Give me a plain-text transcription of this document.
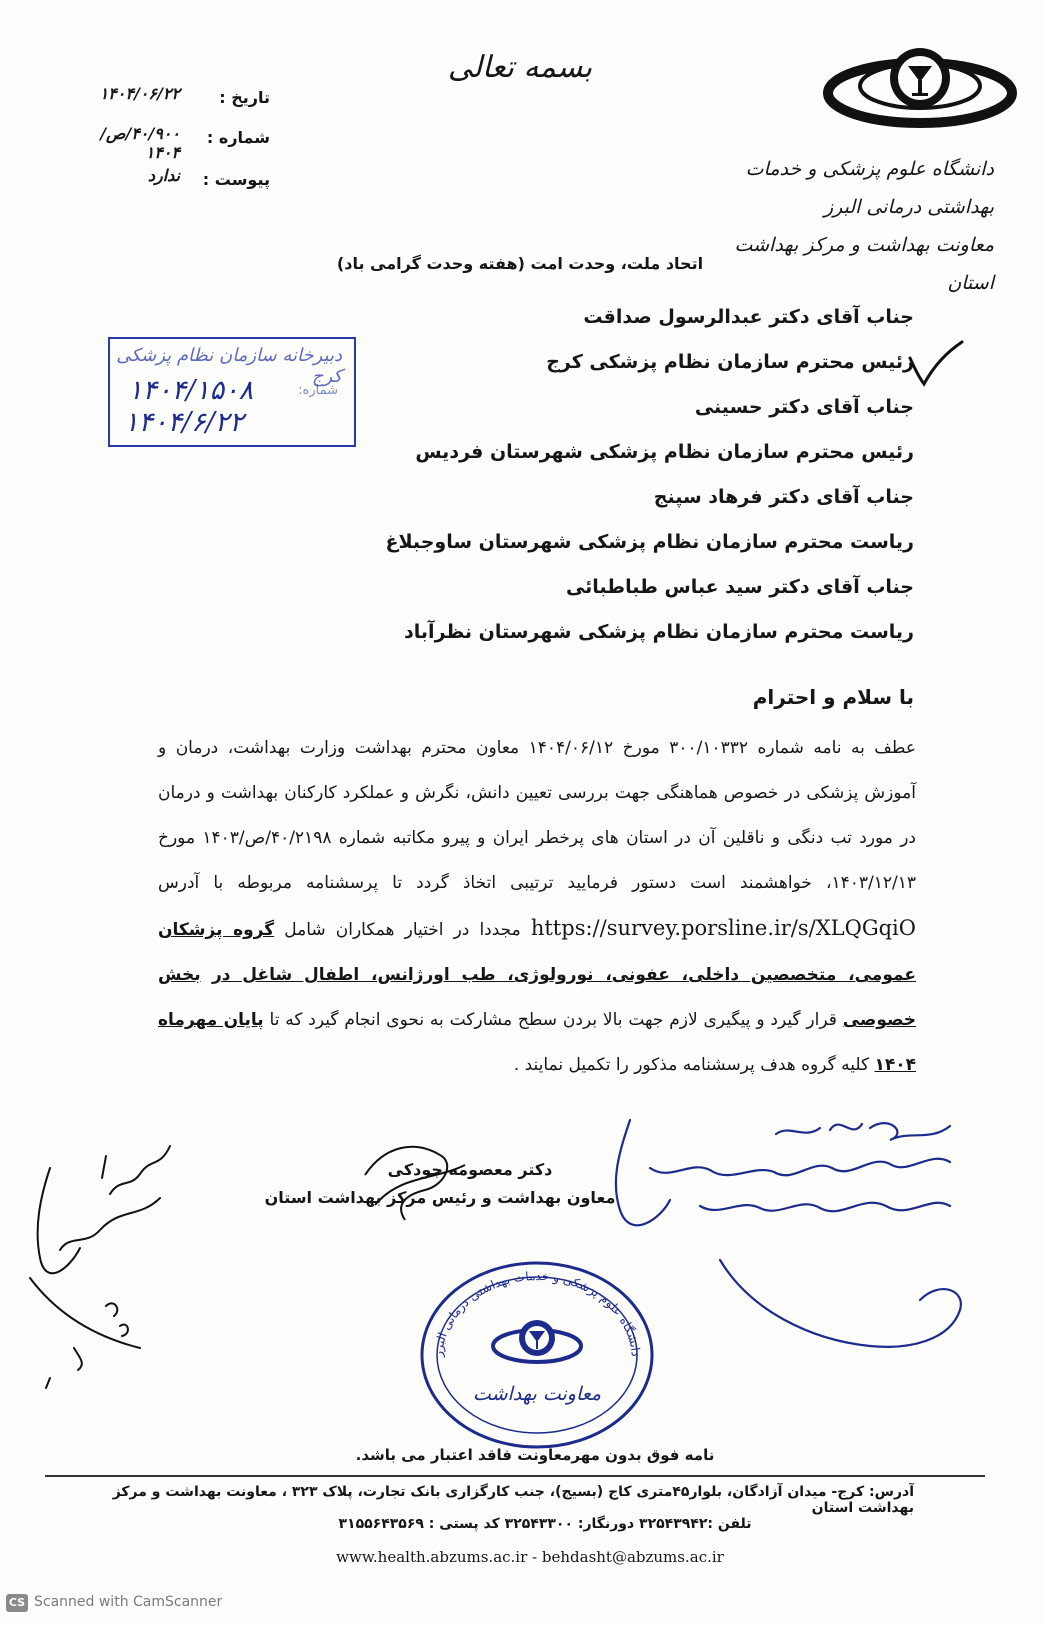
بسمه تعالی
دانشگاه علوم پزشکی و خدمات بهداشتی درمانی البرز
معاونت بهداشت و مرکز بهداشت استان
تاریخ :
۱۴۰۴/۰۶/۲۲
شماره :
۴۰/۹۰۰/ص/۱۴۰۴
پیوست :
ندارد
اتحاد ملت، وحدت امت (هفته وحدت گرامی باد)
دبیرخانه سازمان نظام پزشکی کرج
شماره:
۱۴۰۴/۱۵۰۸
۱۴۰۴/۶/۲۲
جناب آقای دکتر عبدالرسول صداقت
رئیس محترم سازمان نظام پزشکی کرج
جناب آقای دکتر حسینی
رئیس محترم سازمان نظام پزشکی شهرستان فردیس
جناب آقای دکتر فرهاد سپنج
ریاست محترم سازمان نظام پزشکی شهرستان ساوجبلاغ
جناب آقای دکتر سید عباس طباطبائی
ریاست محترم سازمان نظام پزشکی شهرستان نظرآباد
با سلام و احترام
عطف به نامه شماره ۳۰۰/۱۰۳۳۲ مورخ ۱۴۰۴/۰۶/۱۲ معاون محترم بهداشت وزارت بهداشت، درمان و آموزش پزشکی در خصوص هماهنگی جهت بررسی تعیین دانش، نگرش و عملکرد کارکنان بهداشت و درمان در مورد تب دنگی و ناقلین آن در استان های پرخطر ایران و پیرو مکاتبه شماره ۴۰/۲۱۹۸/ص/۱۴۰۳ مورخ ۱۴۰۳/۱۲/۱۳، خواهشمند است دستور فرمایید ترتیبی اتخاذ گردد تا پرسشنامه مربوطه با آدرس https://survey.porsline.ir/s/XLQGqiO مجددا در اختیار همکاران شامل گروه پزشکان عمومی، متخصصین داخلی، عفونی، نورولوژی، طب اورژانس، اطفال شاغل در بخش خصوصی قرار گیرد و پیگیری لازم جهت بالا بردن سطح مشارکت به نحوی انجام گیرد که تا پایان مهرماه ۱۴۰۴ کلیه گروه هدف پرسشنامه مذکور را تکمیل نمایند .
دکتر معصومه جودکی
معاون بهداشت و رئیس مرکز بهداشت استان
دانشگاه علوم پزشکی و خدمات بهداشتی درمانی البرز
معاونت بهداشت
نامه فوق بدون مهرمعاونت فاقد اعتبار می باشد.
آدرس: کرج- میدان آزادگان، بلوار۴۵متری کاج (بسیج)، جنب کارگزاری بانک تجارت، پلاک ۳۲۳ ، معاونت بهداشت و مرکز بهداشت استان
تلفن :۳۲۵۴۳۹۴۲ دورنگار: ۳۲۵۴۳۳۰۰ کد پستی : ۳۱۵۵۶۴۳۵۶۹
www.health.abzums.ac.ir - behdasht@abzums.ac.ir
CS Scanned with CamScanner
